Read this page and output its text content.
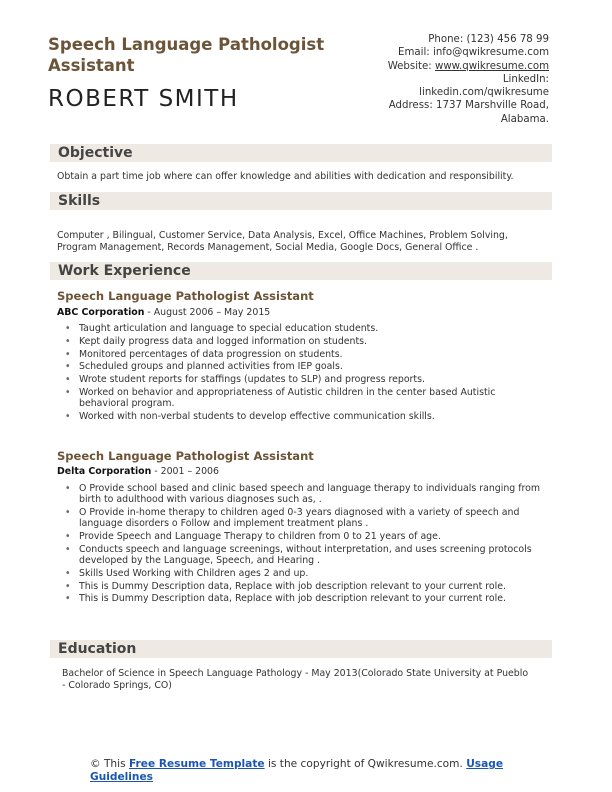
Speech Language Pathologist Assistant
ROBERT SMITH
Phone: (123) 456 78 99
Email: info@qwikresume.com
Website: www.qwikresume.com
LinkedIn:
linkedin.com/qwikresume
Address: 1737 Marshville Road, Alabama.
Objective
Obtain a part time job where can offer knowledge and abilities with dedication and responsibility.
Skills
Computer , Bilingual, Customer Service, Data Analysis, Excel, Office Machines, Problem Solving, Program Management, Records Management, Social Media, Google Docs, General Office .
Work Experience
Speech Language Pathologist Assistant
ABC Corporation - August 2006 – May 2015
• Taught articulation and language to special education students.
• Kept daily progress data and logged information on students.
• Monitored percentages of data progression on students.
• Scheduled groups and planned activities from IEP goals.
• Wrote student reports for staffings (updates to SLP) and progress reports.
• Worked on behavior and appropriateness of Autistic children in the center based Autistic behavioral program.
• Worked with non-verbal students to develop effective communication skills.
Speech Language Pathologist Assistant
Delta Corporation - 2001 – 2006
• O Provide school based and clinic based speech and language therapy to individuals ranging from birth to adulthood with various diagnoses such as, .
• O Provide in-home therapy to children aged 0-3 years diagnosed with a variety of speech and language disorders o Follow and implement treatment plans .
• Provide Speech and Language Therapy to children from 0 to 21 years of age.
• Conducts speech and language screenings, without interpretation, and uses screening protocols developed by the Language, Speech, and Hearing .
• Skills Used Working with Children ages 2 and up.
• This is Dummy Description data, Replace with job description relevant to your current role.
• This is Dummy Description data, Replace with job description relevant to your current role.
Education
Bachelor of Science in Speech Language Pathology - May 2013(Colorado State University at Pueblo - Colorado Springs, CO)
© This Free Resume Template is the copyright of Qwikresume.com. Usage Guidelines
